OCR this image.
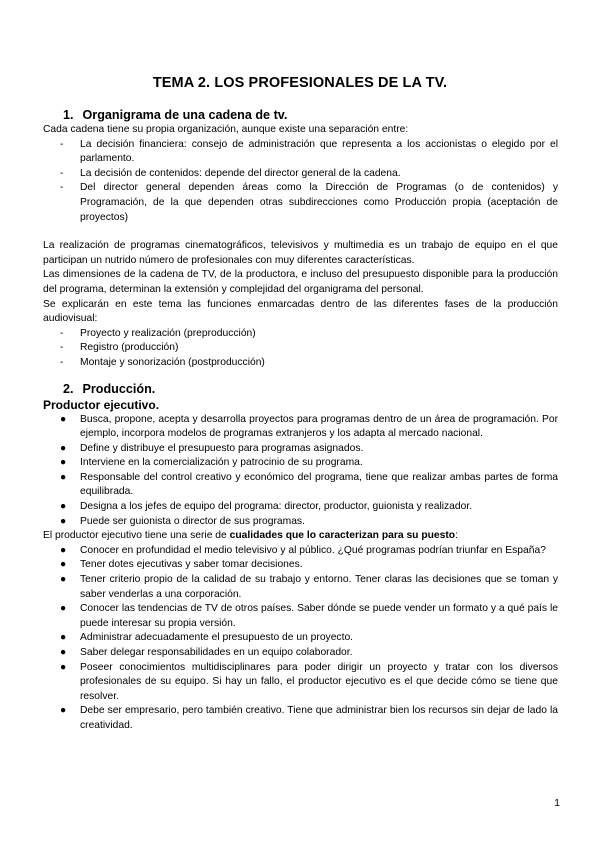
TEMA 2. LOS PROFESIONALES DE LA TV.
1. Organigrama de una cadena de tv.

Cada cadena tiene su propia organización, aunque existe una separación entre:

-	La decisión financiera: consejo de administración que representa a los accionistas o elegido por el parlamento.
-	La decisión de contenidos: depende del director general de la cadena.
-	Del director general dependen áreas como la Dirección de Programas (o de contenidos) y Programación, de la que dependen otras subdirecciones como Producción propia (aceptación de proyectos)

La realización de programas cinematográficos, televisivos y multimedia es un trabajo de equipo en el que participan un nutrido número de profesionales con muy diferentes características.

Las dimensiones de la cadena de TV, de la productora, e incluso del presupuesto disponible para la producción del programa, determinan la extensión y complejidad del organigrama del personal.

Se explicarán en este tema las funciones enmarcadas dentro de las diferentes fases de la producción audiovisual:

-	Proyecto y realización (preproducción)
-	Registro (producción)
-	Montaje y sonorización (postproducción)
2. Producción.
Productor ejecutivo.
●	Busca, propone, acepta y desarrolla proyectos para programas dentro de un área de programación. Por ejemplo, incorpora modelos de programas extranjeros y los adapta al mercado nacional.
●	Define y distribuye el presupuesto para programas asignados.
●	Interviene en la comercialización y patrocinio de su programa.
●	Responsable del control creativo y económico del programa, tiene que realizar ambas partes de forma equilibrada.
●	Designa a los jefes de equipo del programa: director, productor, guionista y realizador.
●	Puede ser guionista o director de sus programas.

El productor ejecutivo tiene una serie de cualidades que lo caracterizan para su puesto:

●	Conocer en profundidad el medio televisivo y al público. ¿Qué programas podrían triunfar en España?
●	Tener dotes ejecutivas y saber tomar decisiones.
●	Tener criterio propio de la calidad de su trabajo y entorno. Tener claras las decisiones que se toman y saber venderlas a una corporación.
●	Conocer las tendencias de TV de otros países. Saber dónde se puede vender un formato y a qué país le puede interesar su propia versión.
●	Administrar adecuadamente el presupuesto de un proyecto.
●	Saber delegar responsabilidades en un equipo colaborador.
●	Poseer conocimientos multidisciplinares para poder dirigir un proyecto y tratar con los diversos profesionales de su equipo. Si hay un fallo, el productor ejecutivo es el que decide cómo se tiene que resolver.
●	Debe ser empresario, pero también creativo. Tiene que administrar bien los recursos sin dejar de lado la creatividad.
1
